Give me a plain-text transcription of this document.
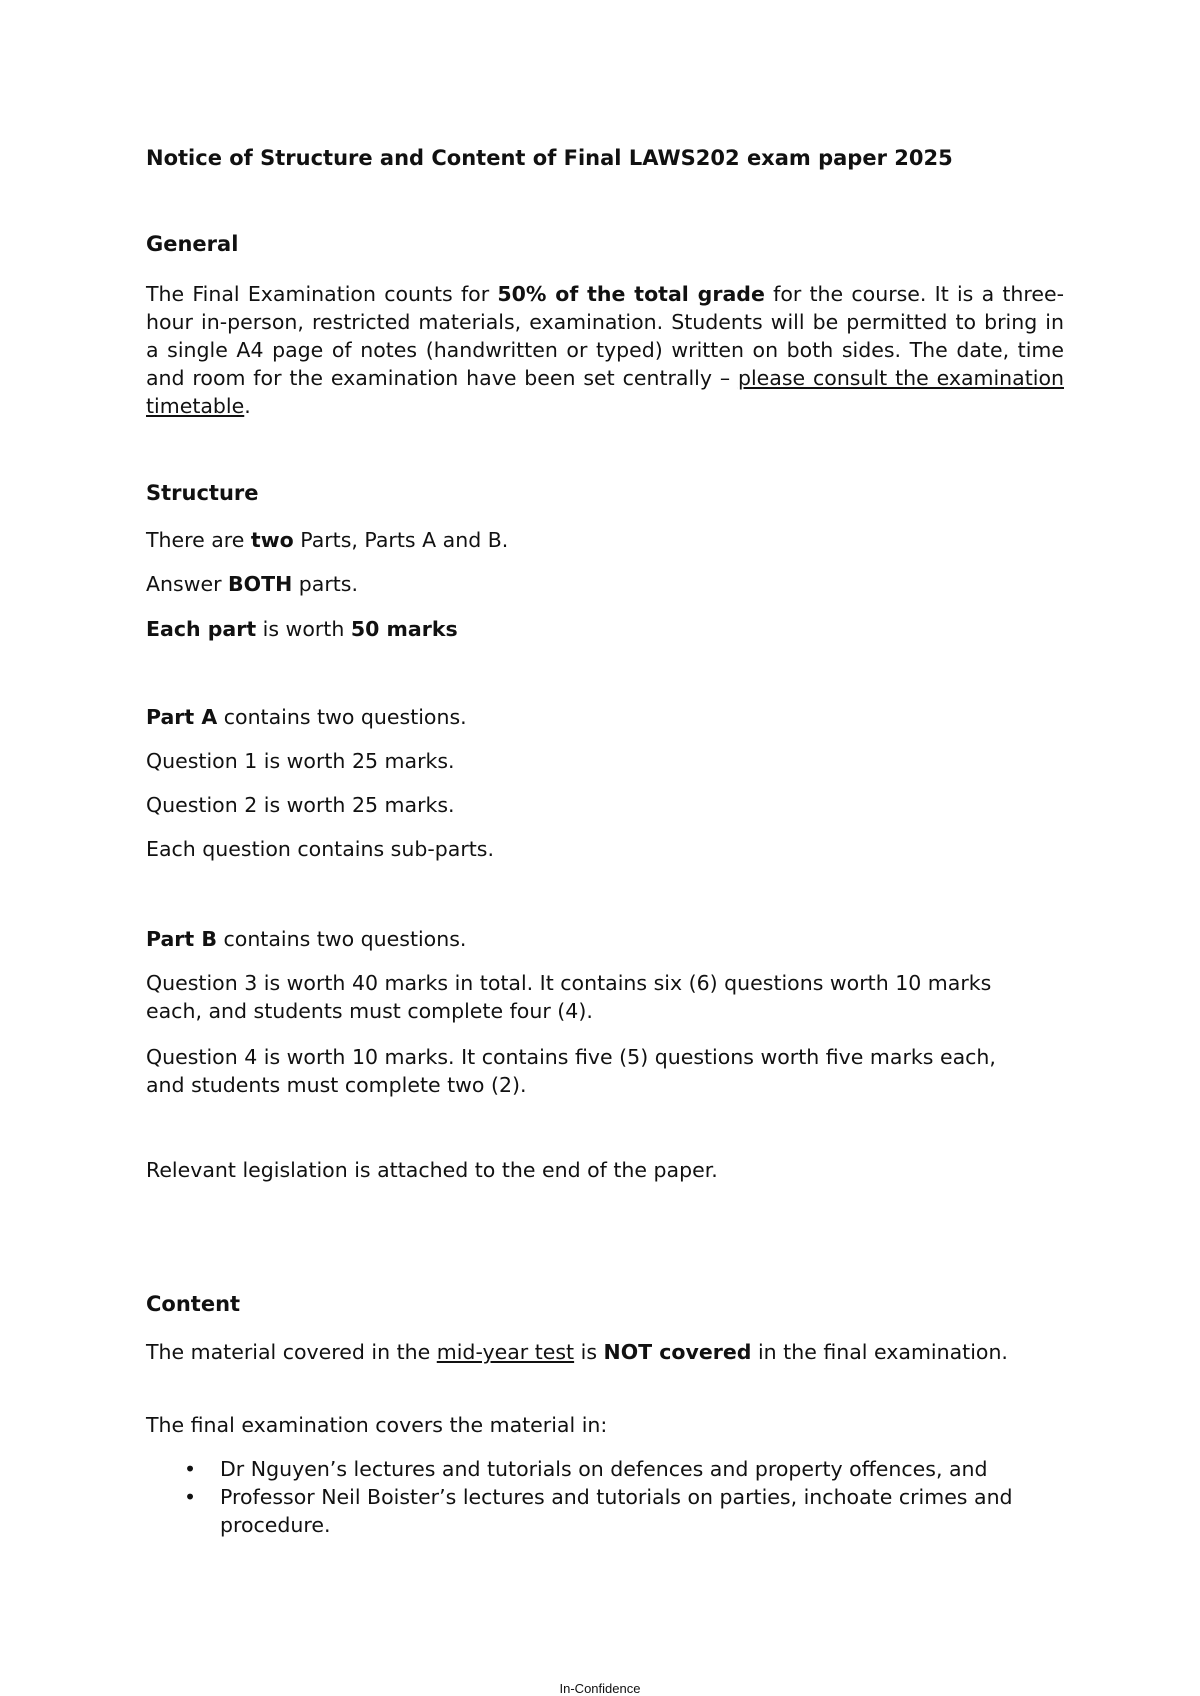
Notice of Structure and Content of Final LAWS202 exam paper 2025
General
The Final Examination counts for 50% of the total grade for the course. It is a three-hour in-person, restricted materials, examination. Students will be permitted to bring in a single A4 page of notes (handwritten or typed) written on both sides. The date, time and room for the examination have been set centrally – please consult the examination timetable.
Structure
There are two Parts, Parts A and B.
Answer BOTH parts.
Each part is worth 50 marks
Part A contains two questions.
Question 1 is worth 25 marks.
Question 2 is worth 25 marks.
Each question contains sub-parts.
Part B contains two questions.
Question 3 is worth 40 marks in total. It contains six (6) questions worth 10 marks each, and students must complete four (4).
Question 4 is worth 10 marks. It contains five (5) questions worth five marks each, and students must complete two (2).
Relevant legislation is attached to the end of the paper.
Content
The material covered in the mid-year test is NOT covered in the final examination.
The final examination covers the material in:
• Dr Nguyen’s lectures and tutorials on defences and property offences, and
• Professor Neil Boister’s lectures and tutorials on parties, inchoate crimes and procedure.
In-Confidence
